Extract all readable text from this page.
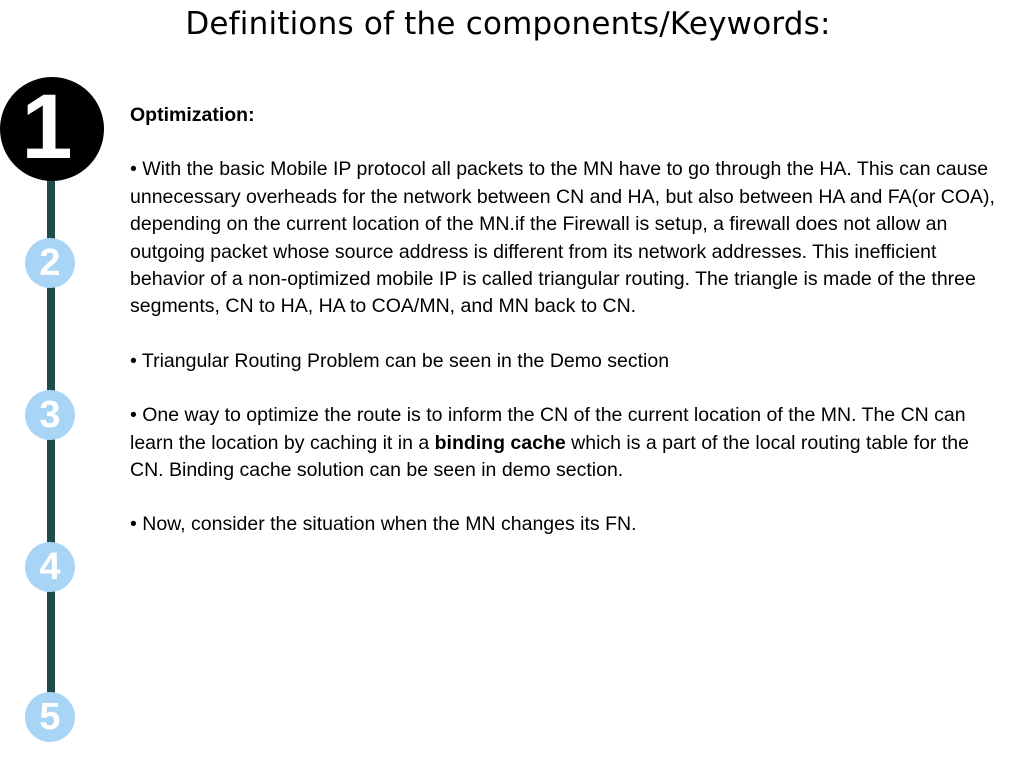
Definitions of the components/Keywords:
1
2
3
4
5

Optimization:

• With the basic Mobile IP protocol all packets to the MN have to go through the HA. This can cause unnecessary overheads for the network between CN and HA, but also between HA and FA(or COA), depending on the current location of the MN.if the Firewall is setup, a firewall does not allow an outgoing packet whose source address is different from its network addresses. This inefficient behavior of a non-optimized mobile IP is called triangular routing. The triangle is made of the three segments, CN to HA, HA to COA/MN, and MN back to CN.

• Triangular Routing Problem can be seen in the Demo section

• One way to optimize the route is to inform the CN of the current location of the MN. The CN can learn the location by caching it in a binding cache which is a part of the local routing table for the CN. Binding cache solution can be seen in demo section.

• Now, consider the situation when the MN changes its FN.
